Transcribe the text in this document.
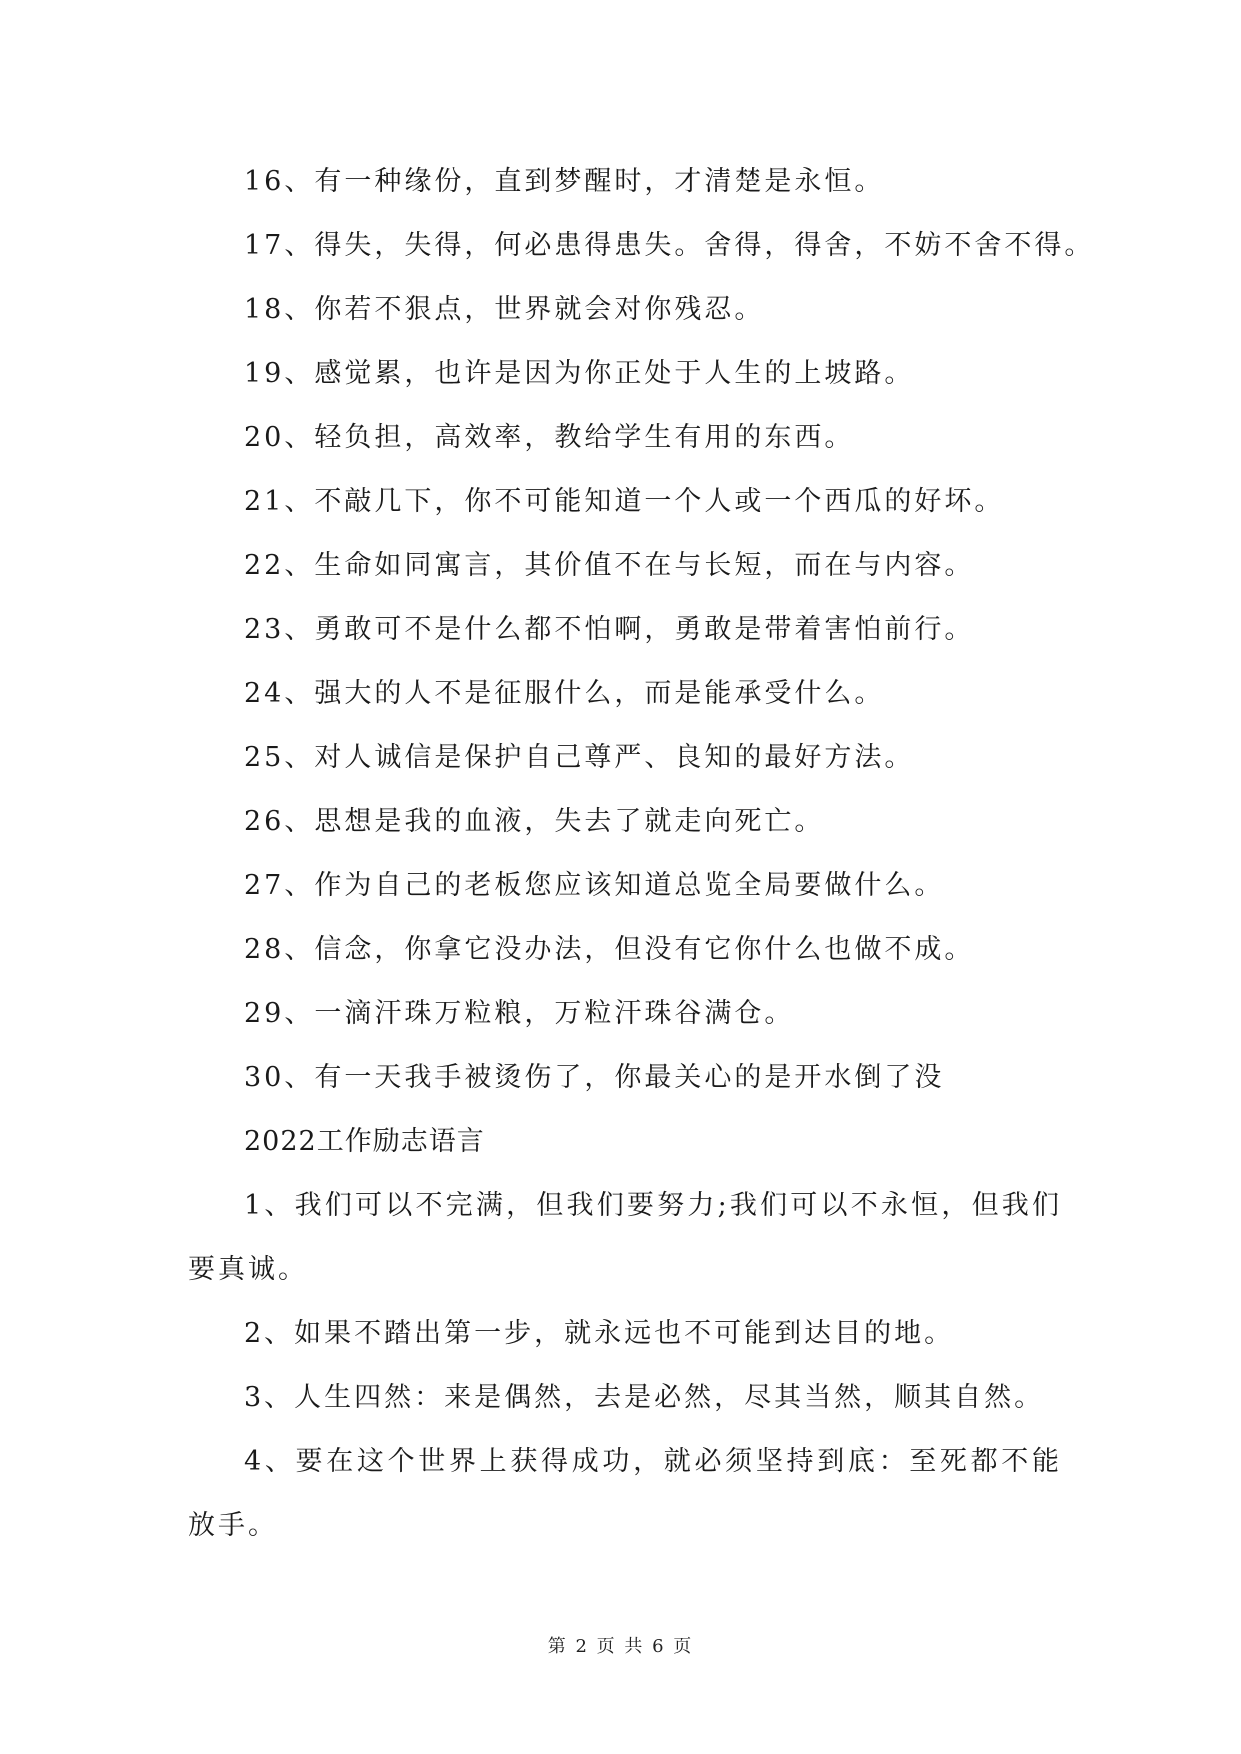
16、有一种缘份，直到梦醒时，才清楚是永恒。
17、得失，失得，何必患得患失。舍得，得舍，不妨不舍不得。
18、你若不狠点，世界就会对你残忍。
19、感觉累，也许是因为你正处于人生的上坡路。
20、轻负担，高效率，教给学生有用的东西。
21、不敲几下，你不可能知道一个人或一个西瓜的好坏。
22、生命如同寓言，其价值不在与长短，而在与内容。
23、勇敢可不是什么都不怕啊，勇敢是带着害怕前行。
24、强大的人不是征服什么，而是能承受什么。
25、对人诚信是保护自己尊严、良知的最好方法。
26、思想是我的血液，失去了就走向死亡。
27、作为自己的老板您应该知道总览全局要做什么。
28、信念，你拿它没办法，但没有它你什么也做不成。
29、一滴汗珠万粒粮，万粒汗珠谷满仓。
30、有一天我手被烫伤了，你最关心的是开水倒了没
2022工作励志语言
1、我们可以不完满，但我们要努力;我们可以不永恒，但我们要真诚。
2、如果不踏出第一步，就永远也不可能到达目的地。
3、人生四然：来是偶然，去是必然，尽其当然，顺其自然。
4、要在这个世界上获得成功，就必须坚持到底：至死都不能放手。
第 2 页 共 6 页
